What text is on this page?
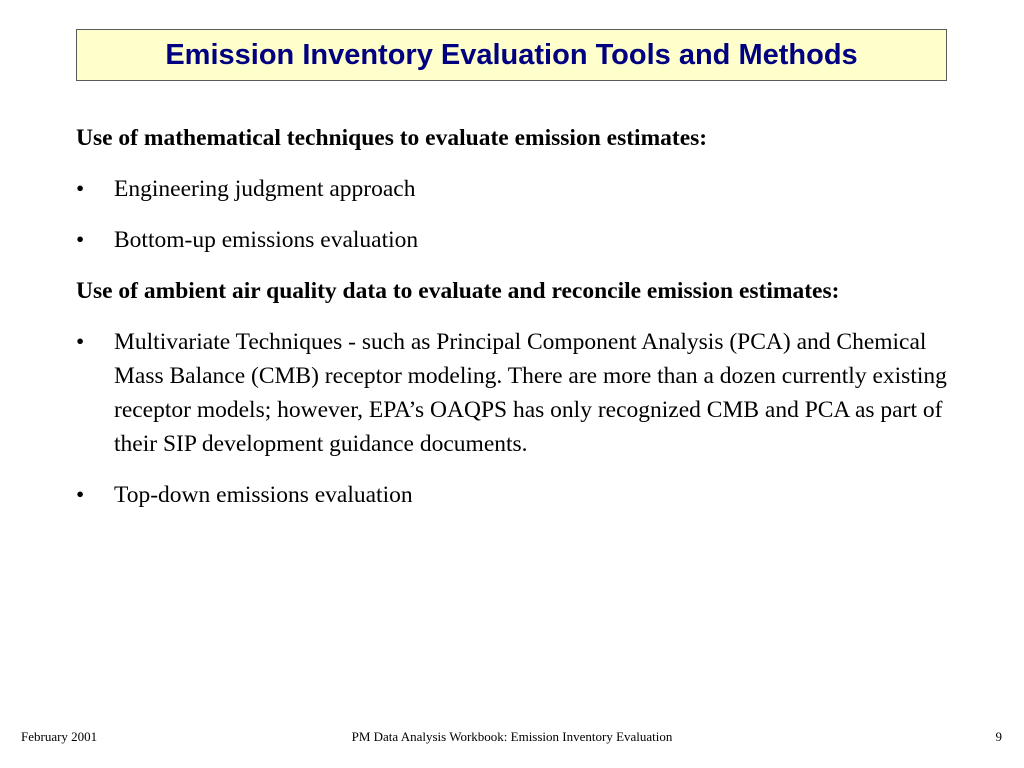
Emission Inventory Evaluation Tools and Methods

Use of mathematical techniques to evaluate emission estimates:

• Engineering judgment approach

• Bottom-up emissions evaluation

Use of ambient air quality data to evaluate and reconcile emission estimates:

• Multivariate Techniques - such as Principal Component Analysis (PCA) and Chemical Mass Balance (CMB) receptor modeling. There are more than a dozen currently existing receptor models; however, EPA’s OAQPS has only recognized CMB and PCA as part of their SIP development guidance documents.

• Top-down emissions evaluation

February 2001	PM Data Analysis Workbook: Emission Inventory Evaluation	9
